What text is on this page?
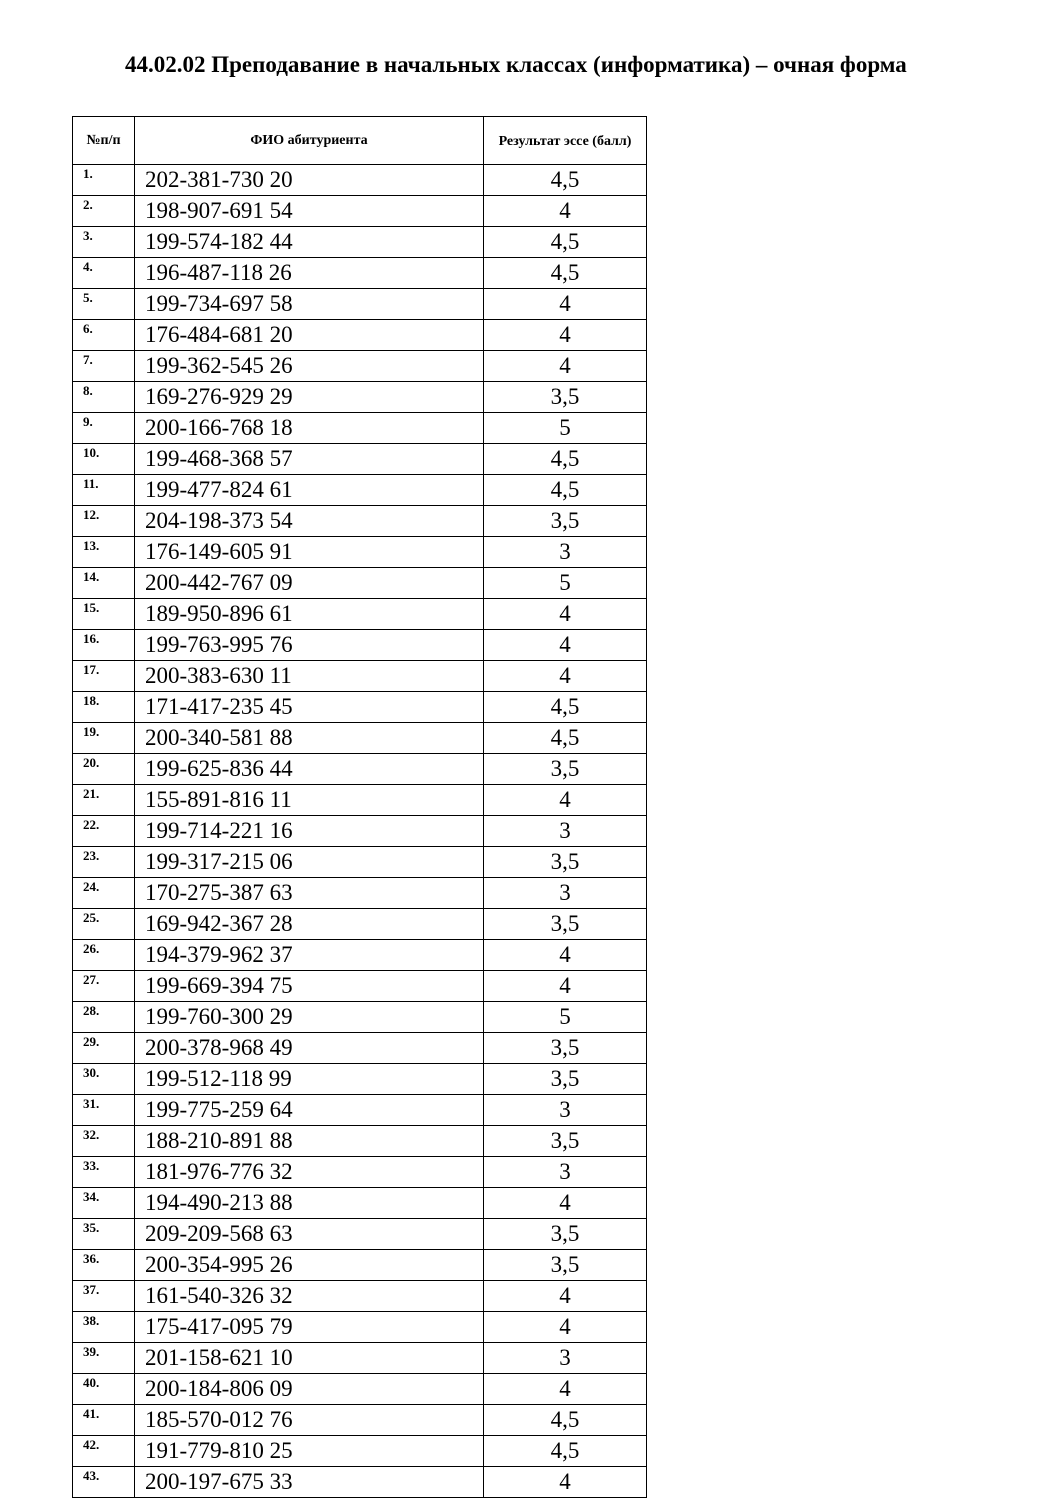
44.02.02 Преподавание в начальных классах (информатика) – очная форма
№п/п	ФИО абитуриента	Результат эссе (балл)

1.	202-381-730 20	4,5
2.	198-907-691 54	4
3.	199-574-182 44	4,5
4.	196-487-118 26	4,5
5.	199-734-697 58	4
6.	176-484-681 20	4
7.	199-362-545 26	4
8.	169-276-929 29	3,5
9.	200-166-768 18	5
10.	199-468-368 57	4,5
11.	199-477-824 61	4,5
12.	204-198-373 54	3,5
13.	176-149-605 91	3
14.	200-442-767 09	5
15.	189-950-896 61	4
16.	199-763-995 76	4
17.	200-383-630 11	4
18.	171-417-235 45	4,5
19.	200-340-581 88	4,5
20.	199-625-836 44	3,5
21.	155-891-816 11	4
22.	199-714-221 16	3
23.	199-317-215 06	3,5
24.	170-275-387 63	3
25.	169-942-367 28	3,5
26.	194-379-962 37	4
27.	199-669-394 75	4
28.	199-760-300 29	5
29.	200-378-968 49	3,5
30.	199-512-118 99	3,5
31.	199-775-259 64	3
32.	188-210-891 88	3,5
33.	181-976-776 32	3
34.	194-490-213 88	4
35.	209-209-568 63	3,5
36.	200-354-995 26	3,5
37.	161-540-326 32	4
38.	175-417-095 79	4
39.	201-158-621 10	3
40.	200-184-806 09	4
41.	185-570-012 76	4,5
42.	191-779-810 25	4,5
43.	200-197-675 33	4
